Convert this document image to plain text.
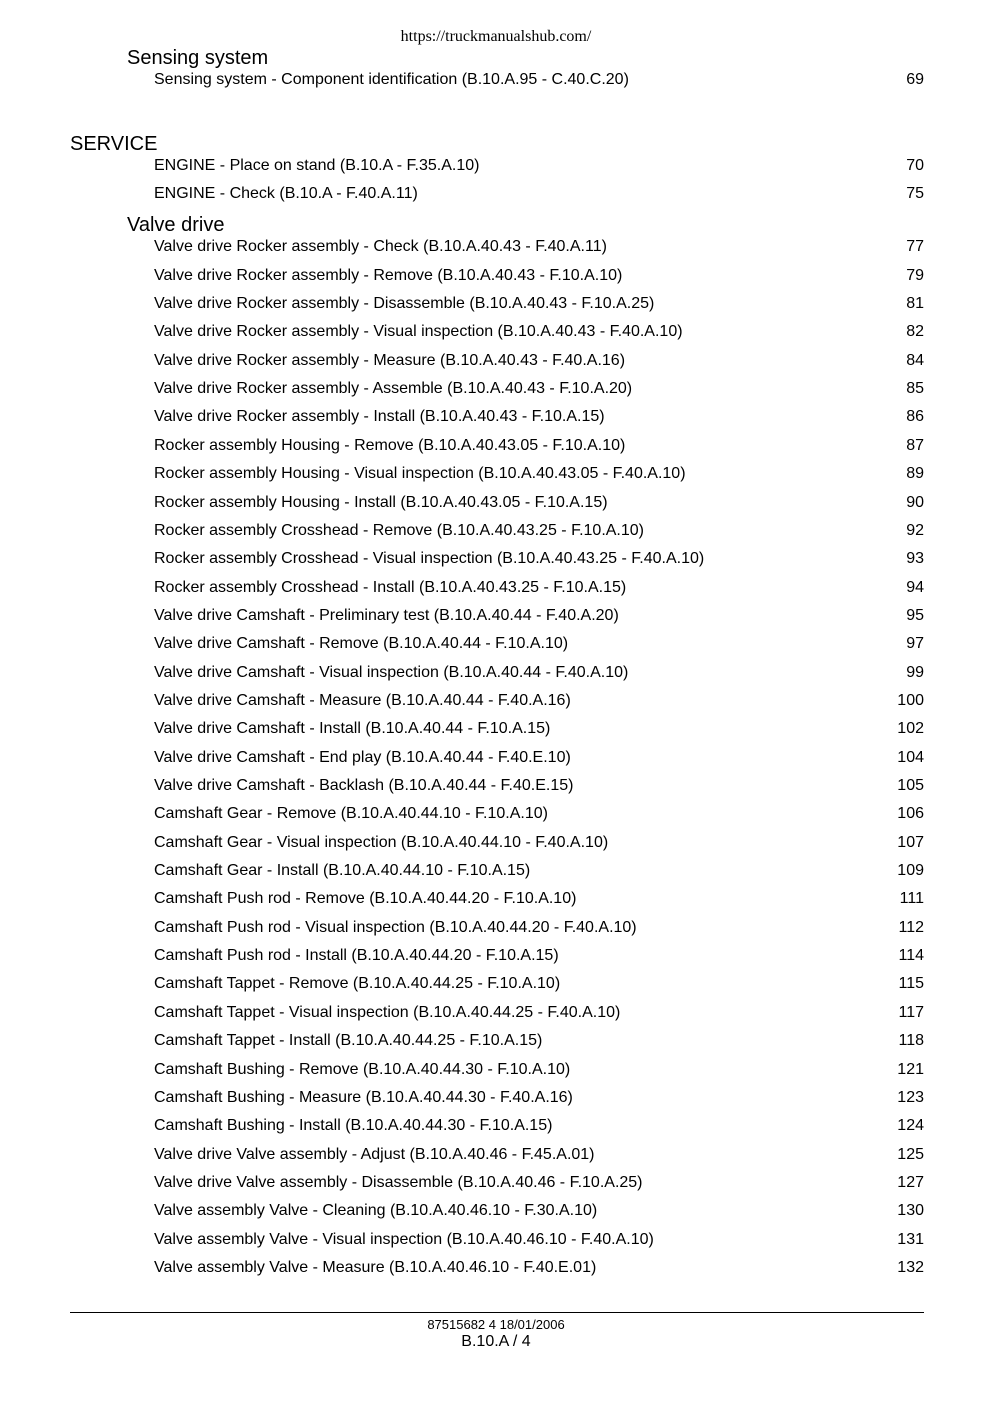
https://truckmanualshub.com/
Sensing system
Sensing system - Component identification (B.10.A.95 - C.40.C.20)	69
SERVICE
ENGINE - Place on stand (B.10.A - F.35.A.10)	70
ENGINE - Check (B.10.A - F.40.A.11)	75
Valve drive
Valve drive Rocker assembly - Check (B.10.A.40.43 - F.40.A.11)	77
Valve drive Rocker assembly - Remove (B.10.A.40.43 - F.10.A.10)	79
Valve drive Rocker assembly - Disassemble (B.10.A.40.43 - F.10.A.25)	81
Valve drive Rocker assembly - Visual inspection (B.10.A.40.43 - F.40.A.10)	82
Valve drive Rocker assembly - Measure (B.10.A.40.43 - F.40.A.16)	84
Valve drive Rocker assembly - Assemble (B.10.A.40.43 - F.10.A.20)	85
Valve drive Rocker assembly - Install (B.10.A.40.43 - F.10.A.15)	86
Rocker assembly Housing - Remove (B.10.A.40.43.05 - F.10.A.10)	87
Rocker assembly Housing - Visual inspection (B.10.A.40.43.05 - F.40.A.10)	89
Rocker assembly Housing - Install (B.10.A.40.43.05 - F.10.A.15)	90
Rocker assembly Crosshead - Remove (B.10.A.40.43.25 - F.10.A.10)	92
Rocker assembly Crosshead - Visual inspection (B.10.A.40.43.25 - F.40.A.10)	93
Rocker assembly Crosshead - Install (B.10.A.40.43.25 - F.10.A.15)	94
Valve drive Camshaft - Preliminary test (B.10.A.40.44 - F.40.A.20)	95
Valve drive Camshaft - Remove (B.10.A.40.44 - F.10.A.10)	97
Valve drive Camshaft - Visual inspection (B.10.A.40.44 - F.40.A.10)	99
Valve drive Camshaft - Measure (B.10.A.40.44 - F.40.A.16)	100
Valve drive Camshaft - Install (B.10.A.40.44 - F.10.A.15)	102
Valve drive Camshaft - End play (B.10.A.40.44 - F.40.E.10)	104
Valve drive Camshaft - Backlash (B.10.A.40.44 - F.40.E.15)	105
Camshaft Gear - Remove (B.10.A.40.44.10 - F.10.A.10)	106
Camshaft Gear - Visual inspection (B.10.A.40.44.10 - F.40.A.10)	107
Camshaft Gear - Install (B.10.A.40.44.10 - F.10.A.15)	109
Camshaft Push rod - Remove (B.10.A.40.44.20 - F.10.A.10)	111
Camshaft Push rod - Visual inspection (B.10.A.40.44.20 - F.40.A.10)	112
Camshaft Push rod - Install (B.10.A.40.44.20 - F.10.A.15)	114
Camshaft Tappet - Remove (B.10.A.40.44.25 - F.10.A.10)	115
Camshaft Tappet - Visual inspection (B.10.A.40.44.25 - F.40.A.10)	117
Camshaft Tappet - Install (B.10.A.40.44.25 - F.10.A.15)	118
Camshaft Bushing - Remove (B.10.A.40.44.30 - F.10.A.10)	121
Camshaft Bushing - Measure (B.10.A.40.44.30 - F.40.A.16)	123
Camshaft Bushing - Install (B.10.A.40.44.30 - F.10.A.15)	124
Valve drive Valve assembly - Adjust (B.10.A.40.46 - F.45.A.01)	125
Valve drive Valve assembly - Disassemble (B.10.A.40.46 - F.10.A.25)	127
Valve assembly Valve - Cleaning (B.10.A.40.46.10 - F.30.A.10)	130
Valve assembly Valve - Visual inspection (B.10.A.40.46.10 - F.40.A.10)	131
Valve assembly Valve - Measure (B.10.A.40.46.10 - F.40.E.01)	132
87515682 4 18/01/2006
B.10.A / 4
